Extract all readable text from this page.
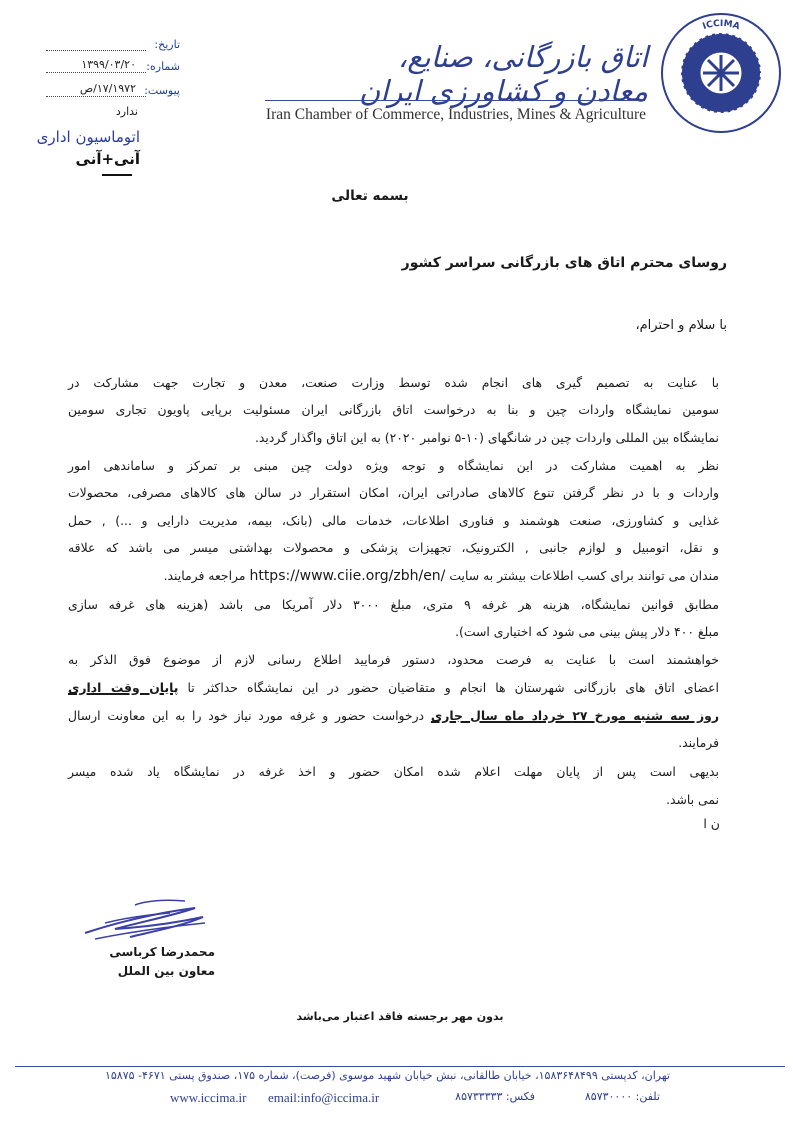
ICCIMA
اتاق بازرگانی، صنایع، معادن و کشاورزی ایران
Iran Chamber of Commerce, Industries, Mines & Agriculture
تاریخ:
شماره:
۱۳۹۹/۰۳/۲۰
پیوست:
۱۷/۱۹۷۲/ص
ندارد
اتوماسیون اداری
آنی+آنی
بسمه تعالی
روسای محترم اتاق های بازرگانی سراسر کشور
با سلام و احترام،
با عنایت به تصمیم گیری های انجام شده توسط وزارت صنعت، معدن و تجارت جهت مشارکت در
سومین نمایشگاه واردات چین و بنا به درخواست اتاق بازرگانی ایران مسئولیت برپایی پاویون تجاری سومین
نمایشگاه بین المللی واردات چین در شانگهای (۱۰-۵ نوامبر ۲۰۲۰) به این اتاق واگذار گردید.
نظر به اهمیت مشارکت در این نمایشگاه و توجه ویژه دولت چین مبنی بر تمرکز و ساماندهی امور
واردات و با در نظر گرفتن تنوع کالاهای صادراتی ایران، امکان استقرار در سالن های کالاهای مصرفی، محصولات
غذایی و کشاورزی، صنعت هوشمند و فناوری اطلاعات، خدمات مالی (بانک، بیمه، مدیریت دارایی و ...) , حمل
و نقل، اتومبیل و لوازم جانبی , الکترونیک، تجهیزات پزشکی و محصولات بهداشتی میسر می باشد که علاقه
مندان می توانند برای کسب اطلاعات بیشتر به سایت https://www.ciie.org/zbh/en/ مراجعه فرمایند.
مطابق قوانین نمایشگاه، هزینه هر غرفه ۹ متری، مبلغ ۳۰۰۰ دلار آمریکا می باشد (هزینه های غرفه سازی
مبلغ ۴۰۰ دلار پیش بینی می شود که اختیاری است).
خواهشمند است با عنایت به فرصت محدود، دستور فرمایید اطلاع رسانی لازم از موضوع فوق الذکر به
اعضای اتاق های بازرگانی شهرستان ها انجام و متقاضیان حضور در این نمایشگاه حداکثر تا پایان وقت اداری
روز سه شنبه مورخ ۲۷ خرداد ماه سال جاری درخواست حضور و غرفه مورد نیاز خود را به این معاونت ارسال
فرمایند.
بدیهی است پس از پایان مهلت اعلام شده امکان حضور و اخذ غرفه در نمایشگاه یاد شده میسر
نمی باشد.
ن ا
محمدرضا کرباسی
معاون بین الملل
بدون مهر برجسته فاقد اعتبار می‌باشد
تهران، کدپستی ۱۵۸۳۶۴۸۴۹۹، خیابان طالقانی، نبش خیابان شهید موسوی (فرصت)، شماره ۱۷۵، صندوق پستی ۴۶۷۱- ۱۵۸۷۵
www.iccima.ir	email:info@iccima.ir	فکس: ۸۵۷۳۳۳۳۳	تلفن: ۸۵۷۳۰۰۰۰
